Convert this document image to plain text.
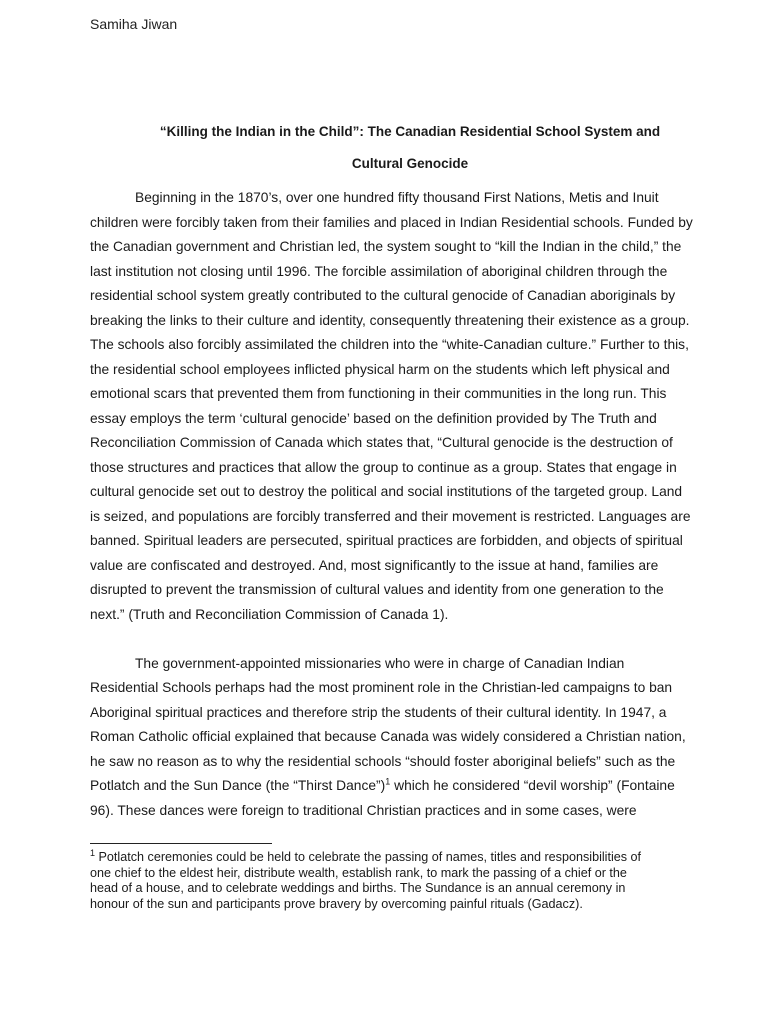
Samiha Jiwan
“Killing the Indian in the Child”: The Canadian Residential School System and
Cultural Genocide
Beginning in the 1870’s, over one hundred fifty thousand First Nations, Metis and Inuit
children were forcibly taken from their families and placed in Indian Residential schools. Funded by
the Canadian government and Christian led, the system sought to “kill the Indian in the child,” the
last institution not closing until 1996. The forcible assimilation of aboriginal children through the
residential school system greatly contributed to the cultural genocide of Canadian aboriginals by
breaking the links to their culture and identity, consequently threatening their existence as a group.
The schools also forcibly assimilated the children into the “white-Canadian culture.” Further to this,
the residential school employees inflicted physical harm on the students which left physical and
emotional scars that prevented them from functioning in their communities in the long run. This
essay employs the term ‘cultural genocide’ based on the definition provided by The Truth and
Reconciliation Commission of Canada which states that, “Cultural genocide is the destruction of
those structures and practices that allow the group to continue as a group. States that engage in
cultural genocide set out to destroy the political and social institutions of the targeted group. Land
is seized, and populations are forcibly transferred and their movement is restricted. Languages are
banned. Spiritual leaders are persecuted, spiritual practices are forbidden, and objects of spiritual
value are confiscated and destroyed. And, most significantly to the issue at hand, families are
disrupted to prevent the transmission of cultural values and identity from one generation to the
next.” (Truth and Reconciliation Commission of Canada 1).
The government-appointed missionaries who were in charge of Canadian Indian
Residential Schools perhaps had the most prominent role in the Christian-led campaigns to ban
Aboriginal spiritual practices and therefore strip the students of their cultural identity. In 1947, a
Roman Catholic official explained that because Canada was widely considered a Christian nation,
he saw no reason as to why the residential schools “should foster aboriginal beliefs” such as the
Potlatch and the Sun Dance (the “Thirst Dance”)$^1$ which he considered “devil worship” (Fontaine
96). These dances were foreign to traditional Christian practices and in some cases, were
$^1$ Potlatch ceremonies could be held to celebrate the passing of names, titles and responsibilities of
one chief to the eldest heir, distribute wealth, establish rank, to mark the passing of a chief or the
head of a house, and to celebrate weddings and births. The Sundance is an annual ceremony in
honour of the sun and participants prove bravery by overcoming painful rituals (Gadacz).
